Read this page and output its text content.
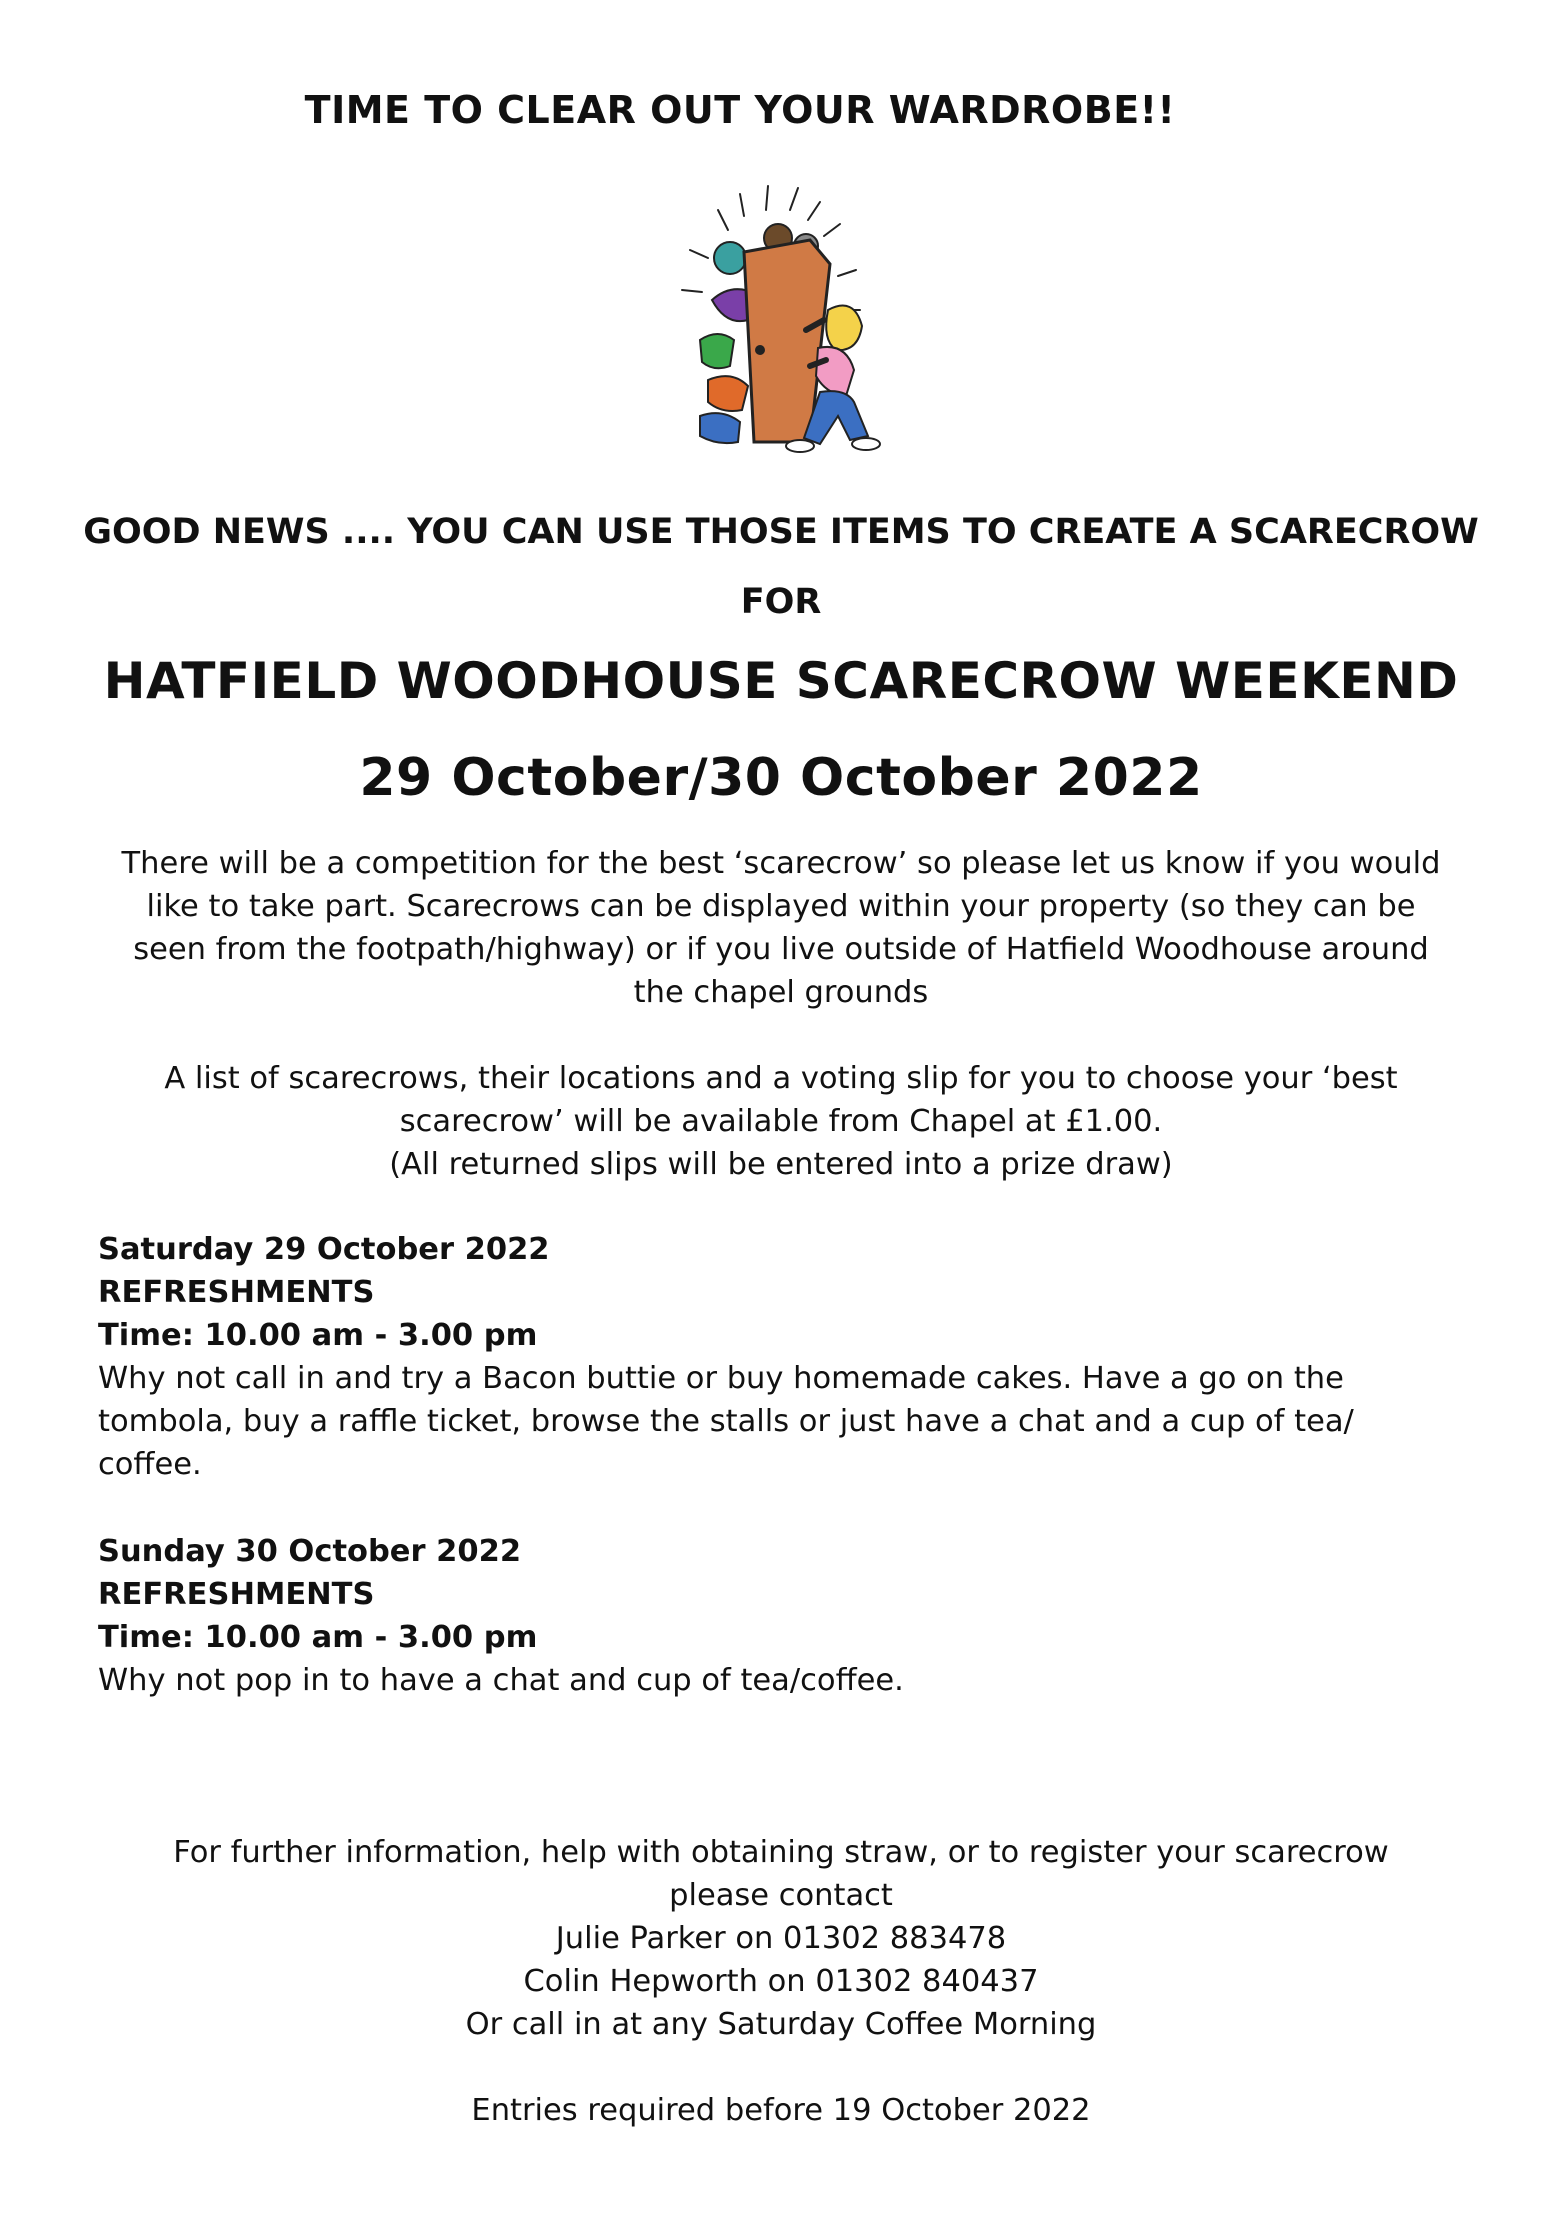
TIME TO CLEAR OUT YOUR WARDROBE!!
GOOD NEWS .... YOU CAN USE THOSE ITEMS TO CREATE A SCARECROW
FOR
HATFIELD WOODHOUSE SCARECROW WEEKEND
29 October/30 October 2022
There will be a competition for the best ‘scarecrow’ so please let us know if you would
like to take part. Scarecrows can be displayed within your property (so they can be
seen from the footpath/highway) or if you live outside of Hatfield Woodhouse around
the chapel grounds
A list of scarecrows, their locations and a voting slip for you to choose your ‘best
scarecrow’ will be available from Chapel at £1.00.
(All returned slips will be entered into a prize draw)
Saturday 29 October 2022
REFRESHMENTS
Time: 10.00 am - 3.00 pm
Why not call in and try a Bacon buttie or buy homemade cakes. Have a go on the
tombola, buy a raffle ticket, browse the stalls or just have a chat and a cup of tea/
coffee.
Sunday 30 October 2022
REFRESHMENTS
Time: 10.00 am - 3.00 pm
Why not pop in to have a chat and cup of tea/coffee.
For further information, help with obtaining straw, or to register your scarecrow
please contact
Julie Parker on 01302 883478
Colin Hepworth on 01302 840437
Or call in at any Saturday Coffee Morning
Entries required before 19 October 2022
